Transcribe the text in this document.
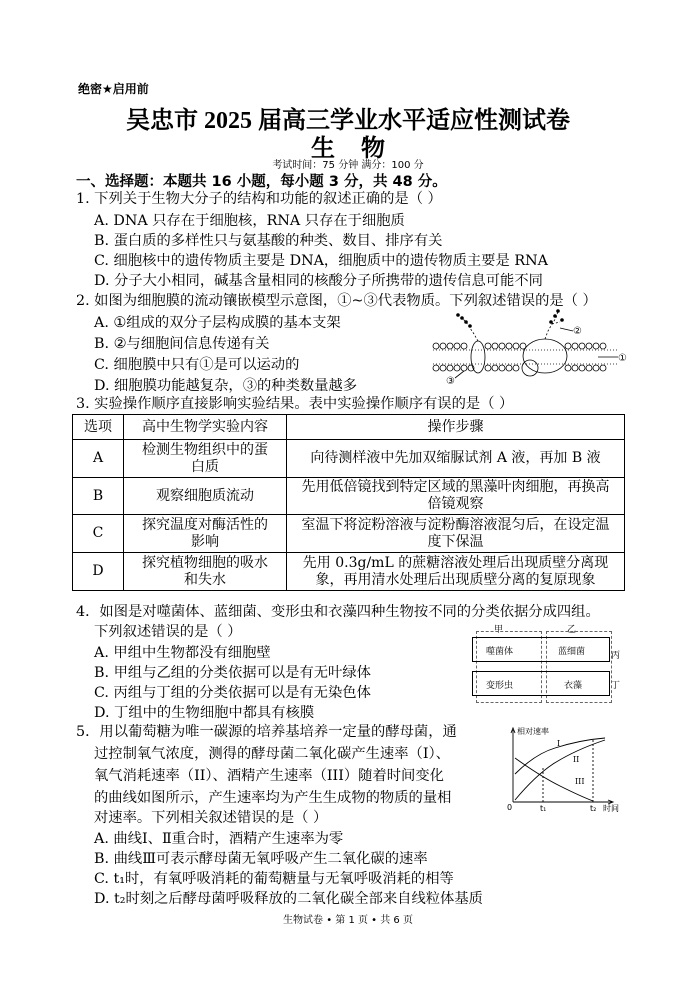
绝密★启用前
吴忠市 2025 届高三学业水平适应性测试卷
生物
考试时间：75 分钟 满分：100 分
一、选择题：本题共 16 小题，每小题 3 分，共 48 分。
1. 下列关于生物大分子的结构和功能的叙述正确的是（ ）
A. DNA 只存在于细胞核，RNA 只存在于细胞质
B. 蛋白质的多样性只与氨基酸的种类、数目、排序有关
C. 细胞核中的遗传物质主要是 DNA，细胞质中的遗传物质主要是 RNA
D. 分子大小相同，碱基含量相同的核酸分子所携带的遗传信息可能不同
2. 如图为细胞膜的流动镶嵌模型示意图，①~③代表物质。下列叙述错误的是（ ）
A. ①组成的双分子层构成膜的基本支架
B. ②与细胞间信息传递有关
C. 细胞膜中只有①是可以运动的
D. 细胞膜功能越复杂，③的种类数量越多
①
②
③
3. 实验操作顺序直接影响实验结果。表中实验操作顺序有误的是（ ）
选项	高中生物学实验内容	操作步骤
A	检测生物组织中的蛋白质	向待测样液中先加双缩脲试剂 A 液，再加 B 液
B	观察细胞质流动	先用低倍镜找到特定区域的黑藻叶肉细胞，再换高倍镜观察
C	探究温度对酶活性的影响	室温下将淀粉溶液与淀粉酶溶液混匀后，在设定温度下保温
D	探究植物细胞的吸水和失水	先用 0.3g/mL 的蔗糖溶液处理后出现质壁分离现象，再用清水处理后出现质壁分离的复原现象
4．如图是对噬菌体、蓝细菌、变形虫和衣藻四种生物按不同的分类依据分成四组。
下列叙述错误的是（ ）
A. 甲组中生物都没有细胞壁
B. 甲组与乙组的分类依据可以是有无叶绿体
C. 丙组与丁组的分类依据可以是有无染色体
D. 丁组中的生物细胞中都具有核膜
甲	乙
噬菌体	蓝细菌
变形虫	衣藻
丙
丁
5．用以葡萄糖为唯一碳源的培养基培养一定量的酵母菌，通
过控制氧气浓度，测得的酵母菌二氧化碳产生速率（I）、
氧气消耗速率（II）、酒精产生速率（III）随着时间变化
的曲线如图所示，产生速率均为产生生成物的物质的量相
对速率。下列相关叙述错误的是（ ）
A. 曲线Ⅰ、Ⅱ重合时，酒精产生速率为零
B. 曲线Ⅲ可表示酵母菌无氧呼吸产生二氧化碳的速率
C. t₁时，有氧呼吸消耗的葡萄糖量与无氧呼吸消耗的相等
D. t₂时刻之后酵母菌呼吸释放的二氧化碳全部来自线粒体基质
相对速率
时间
0	t₁	t₂
I
II
III
生物试卷 • 第 1 页 • 共 6 页
